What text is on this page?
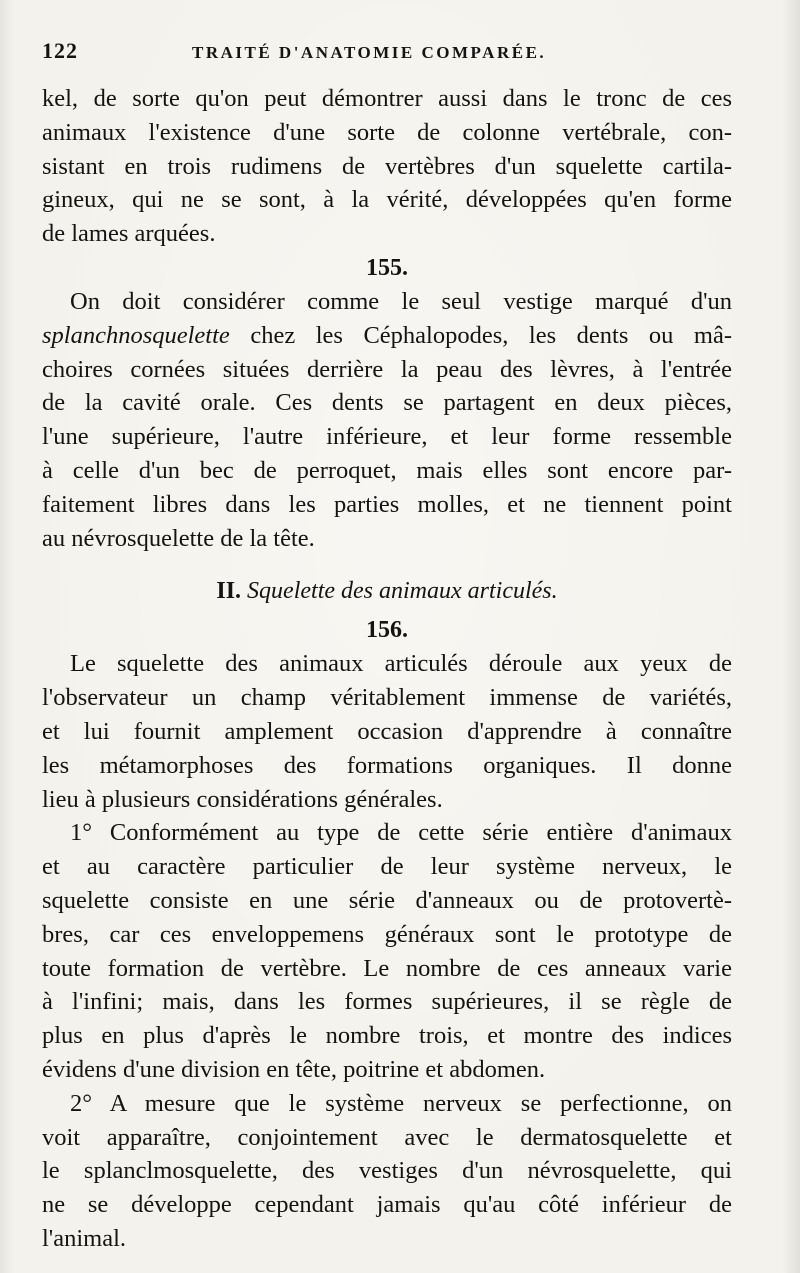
122	TRAITÉ D'ANATOMIE COMPARÉE.
kel, de sorte qu'on peut démontrer aussi dans le tronc de ces
animaux l'existence d'une sorte de colonne vertébrale, con-
sistant en trois rudimens de vertèbres d'un squelette cartila-
gineux, qui ne se sont, à la vérité, développées qu'en forme
de lames arquées.

155.

On doit considérer comme le seul vestige marqué d'un
splanchnosquelette chez les Céphalopodes, les dents ou mâ-
choires cornées situées derrière la peau des lèvres, à l'entrée
de la cavité orale. Ces dents se partagent en deux pièces,
l'une supérieure, l'autre inférieure, et leur forme ressemble
à celle d'un bec de perroquet, mais elles sont encore par-
faitement libres dans les parties molles, et ne tiennent point
au névrosquelette de la tête.
II. Squelette des animaux articulés.

156.

Le squelette des animaux articulés déroule aux yeux de
l'observateur un champ véritablement immense de variétés,
et lui fournit amplement occasion d'apprendre à connaître
les métamorphoses des formations organiques. Il donne
lieu à plusieurs considérations générales.
1° Conformément au type de cette série entière d'animaux
et au caractère particulier de leur système nerveux, le
squelette consiste en une série d'anneaux ou de protovertè-
bres, car ces enveloppemens généraux sont le prototype de
toute formation de vertèbre. Le nombre de ces anneaux varie
à l'infini; mais, dans les formes supérieures, il se règle de
plus en plus d'après le nombre trois, et montre des indices
évidens d'une division en tête, poitrine et abdomen.
2° A mesure que le système nerveux se perfectionne, on
voit apparaître, conjointement avec le dermatosquelette et
le splanclmosquelette, des vestiges d'un névrosquelette, qui
ne se développe cependant jamais qu'au côté inférieur de
l'animal.
